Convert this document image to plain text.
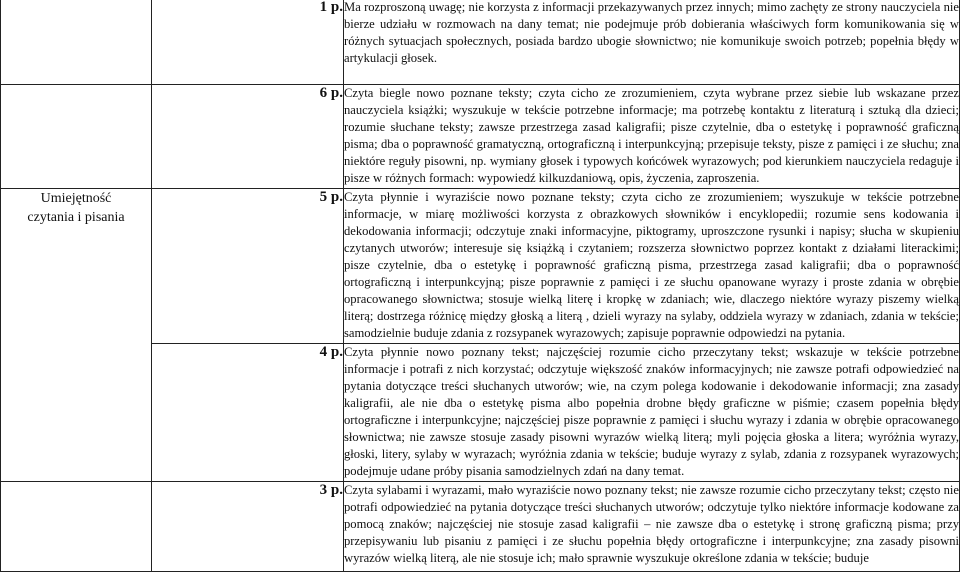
	1 p.	Ma rozproszoną uwagę; nie korzysta z informacji przekazywanych przez innych; mimo zachęty ze strony nauczyciela nie bierze udziału w rozmowach na dany temat; nie podejmuje prób dobierania właściwych form komunikowania się w różnych sytuacjach społecznych, posiada bardzo ubogie słownictwo; nie komunikuje swoich potrzeb; popełnia błędy w artykulacji głosek.
	6 p.	Czyta biegle nowo poznane teksty; czyta cicho ze zrozumieniem, czyta wybrane przez siebie lub wskazane przez nauczyciela książki; wyszukuje w tekście potrzebne informacje; ma potrzebę kontaktu z literaturą i sztuką dla dzieci; rozumie słuchane teksty; zawsze przestrzega zasad kaligrafii; pisze czytelnie, dba o estetykę i poprawność graficzną pisma; dba o poprawność gramatyczną, ortograficzną i interpunkcyjną; przepisuje teksty, pisze z pamięci i ze słuchu; zna niektóre reguły pisowni, np. wymiany głosek i typowych końcówek wyrazowych; pod kierunkiem nauczyciela redaguje i pisze w różnych formach: wypowiedź kilkuzdaniową, opis, życzenia, zaproszenia.

Umiejętność
czytania i pisania	5 p.	Czyta płynnie i wyraziście nowo poznane teksty; czyta cicho ze zrozumieniem; wyszukuje w tekście potrzebne informacje, w miarę możliwości korzysta z obrazkowych słowników i encyklopedii; rozumie sens kodowania i dekodowania informacji; odczytuje znaki informacyjne, piktogramy, uproszczone rysunki i napisy; słucha w skupieniu czytanych utworów; interesuje się książką i czytaniem; rozszerza słownictwo poprzez kontakt z działami literackimi; pisze czytelnie, dba o estetykę i poprawność graficzną pisma, przestrzega zasad kaligrafii; dba o poprawność ortograficzną i interpunkcyjną; pisze poprawnie z pamięci i ze słuchu opanowane wyrazy i proste zdania w obrębie opracowanego słownictwa; stosuje wielką literę i kropkę w zdaniach; wie, dlaczego niektóre wyrazy piszemy wielką literą; dostrzega różnicę między głoską a literą , dzieli wyrazy na sylaby, oddziela wyrazy w zdaniach, zdania w tekście; samodzielnie buduje zdania z rozsypanek wyrazowych; zapisuje poprawnie odpowiedzi na pytania.
	4 p.	Czyta płynnie nowo poznany tekst; najczęściej rozumie cicho przeczytany tekst; wskazuje w tekście potrzebne informacje i potrafi z nich korzystać; odczytuje większość znaków informacyjnych; nie zawsze potrafi odpowiedzieć na pytania dotyczące treści słuchanych utworów; wie, na czym polega kodowanie i dekodowanie informacji; zna zasady kaligrafii, ale nie dba o estetykę pisma albo popełnia drobne błędy graficzne w piśmie; czasem popełnia błędy ortograficzne i interpunkcyjne; najczęściej pisze poprawnie z pamięci i słuchu wyrazy i zdania w obrębie opracowanego słownictwa; nie zawsze stosuje zasady pisowni wyrazów wielką literą; myli pojęcia głoska a litera; wyróżnia wyrazy, głoski, litery, sylaby w wyrazach; wyróżnia zdania w tekście; buduje wyrazy z sylab, zdania z rozsypanek wyrazowych; podejmuje udane próby pisania samodzielnych zdań na dany temat.
	3 p.	Czyta sylabami i wyrazami, mało wyraziście nowo poznany tekst; nie zawsze rozumie cicho przeczytany tekst; często nie potrafi odpowiedzieć na pytania dotyczące treści słuchanych utworów; odczytuje tylko niektóre informacje kodowane za pomocą znaków; najczęściej nie stosuje zasad kaligrafii – nie zawsze dba o estetykę i stronę graficzną pisma; przy przepisywaniu lub pisaniu z pamięci i ze słuchu popełnia błędy ortograficzne i interpunkcyjne; zna zasady pisowni wyrazów wielką literą, ale nie stosuje ich; mało sprawnie wyszukuje określone zdania w tekście; buduje
